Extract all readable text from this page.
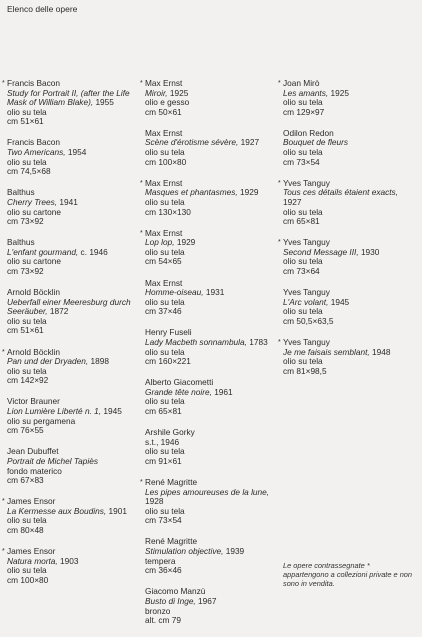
Elenco delle opere
* Francis Bacon
Study for Portrait II, (after the Life Mask of William Blake), 1955
olio su tela
cm 51×61
Francis Bacon
Two Americans, 1954
olio su tela
cm 74,5×68
Balthus
Cherry Trees, 1941
olio su cartone
cm 73×92
Balthus
L'enfant gourmand, c. 1946
olio su cartone
cm 73×92
Arnold Böcklin
Ueberfall einer Meeresburg durch Seeräuber, 1872
olio su tela
cm 51×61
* Arnold Böcklin
Pan und der Dryaden, 1898
olio su tela
cm 142×92
Victor Brauner
Lion Lumière Liberté n. 1, 1945
olio su pergamena
cm 76×55
Jean Dubuffet
Portrait de Michel Tapiès
fondo materico
cm 67×83
* James Ensor
La Kermesse aux Boudins, 1901
olio su tela
cm 80×48
* James Ensor
Natura morta, 1903
olio su tela
cm 100×80
* Max Ernst
Miroir, 1925
olio e gesso
cm 50×61
Max Ernst
Scène d'érotisme sévère, 1927
olio su tela
cm 100×80
* Max Ernst
Masques et phantasmes, 1929
olio su tela
cm 130×130
* Max Ernst
Lop lop, 1929
olio su tela
cm 54×65
Max Ernst
Homme-oiseau, 1931
olio su tela
cm 37×46
Henry Fuseli
Lady Macbeth sonnambula, 1783
olio su tela
cm 160×221
Alberto Giacometti
Grande tête noire, 1961
olio su tela
cm 65×81
Arshile Gorky
s.t., 1946
olio su tela
cm 91×61
* René Magritte
Les pipes amoureuses de la lune, 1928
olio su tela
cm 73×54
René Magritte
Stimulation objective, 1939
tempera
cm 36×46
Giacomo Manzù
Busto di Inge, 1967
bronzo
alt. cm 79
* Joan Mirò
Les amants, 1925
olio su tela
cm 129×97
Odilon Redon
Bouquet de fleurs
olio su tela
cm 73×54
* Yves Tanguy
Tous ces détails étaient exacts, 1927
olio su tela
cm 65×81
* Yves Tanguy
Second Message III, 1930
olio su tela
cm 73×64
Yves Tanguy
L'Arc volant, 1945
olio su tela
cm 50,5×63,5
* Yves Tanguy
Je me faisais semblant, 1948
olio su tela
cm 81×98,5
Le opere contrassegnate * appartengono a collezioni private e non sono in vendita.
